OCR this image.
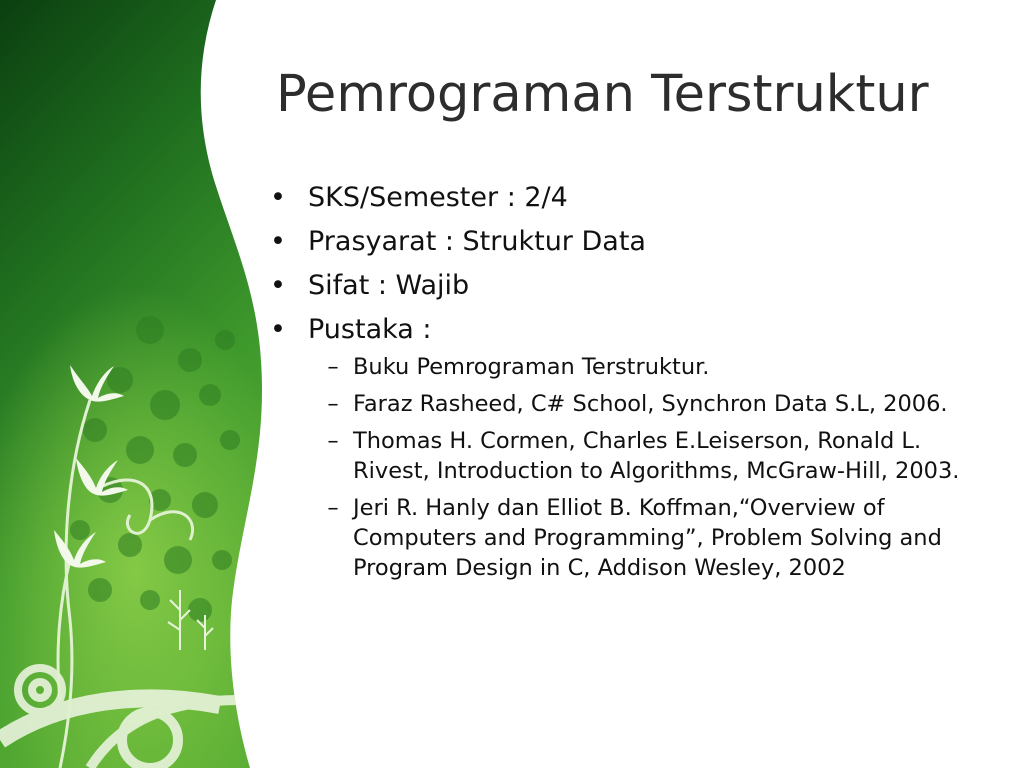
Pemrograman Terstruktur
• SKS/Semester : 2/4
• Prasyarat : Struktur Data
• Sifat : Wajib
• Pustaka :
– Buku Pemrograman Terstruktur.
– Faraz Rasheed, C# School, Synchron Data S.L, 2006.
– Thomas H. Cormen, Charles E.Leiserson, Ronald L. Rivest, Introduction to Algorithms, McGraw-Hill, 2003.
– Jeri R. Hanly dan Elliot B. Koffman,“Overview of Computers and Programming”, Problem Solving and Program Design in C, Addison Wesley, 2002
